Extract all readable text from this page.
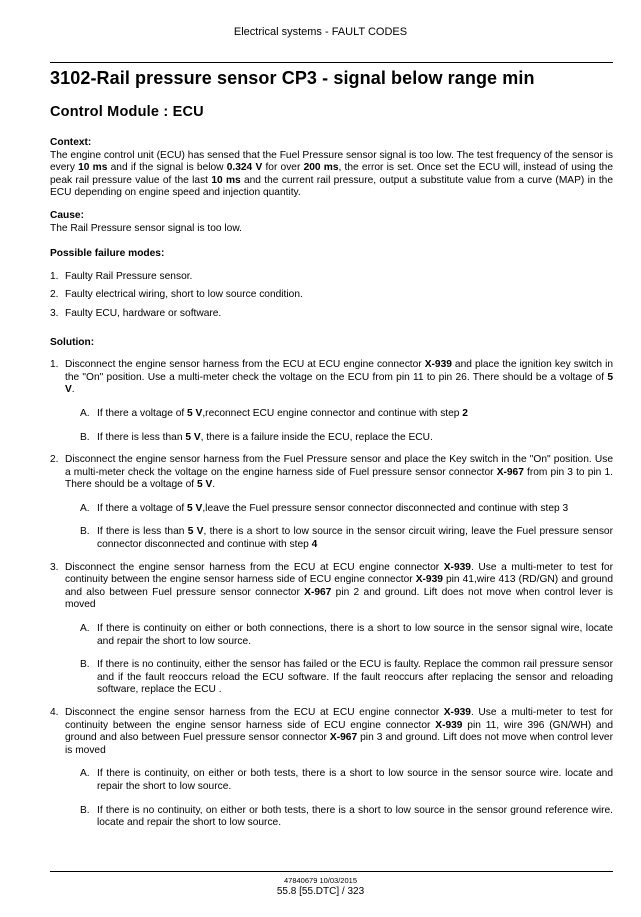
Electrical systems - FAULT CODES
3102-Rail pressure sensor CP3 - signal below range min
Control Module : ECU

Context:

The engine control unit (ECU) has sensed that the Fuel Pressure sensor signal is too low. The test frequency of the sensor is every 10 ms and if the signal is below 0.324 V for over 200 ms, the error is set. Once set the ECU will, instead of using the peak rail pressure value of the last 10 ms and the current rail pressure, output a substitute value from a curve (MAP) in the ECU depending on engine speed and injection quantity.

Cause:

The Rail Pressure sensor signal is too low.

Possible failure modes:

1. Faulty Rail Pressure sensor.
2. Faulty electrical wiring, short to low source condition.
3. Faulty ECU, hardware or software.

Solution:

1. Disconnect the engine sensor harness from the ECU at ECU engine connector X-939 and place the ignition key switch in the "On" position. Use a multi-meter check the voltage on the ECU from pin 11 to pin 26. There should be a voltage of 5 V.
A. If there a voltage of 5 V,reconnect ECU engine connector and continue with step 2
B. If there is less than 5 V, there is a failure inside the ECU, replace the ECU.
2. Disconnect the engine sensor harness from the Fuel Pressure sensor and place the Key switch in the "On" position. Use a multi-meter check the voltage on the engine harness side of Fuel pressure sensor connector X-967 from pin 3 to pin 1. There should be a voltage of 5 V.
A. If there a voltage of 5 V,leave the Fuel pressure sensor connector disconnected and continue with step 3
B. If there is less than 5 V, there is a short to low source in the sensor circuit wiring, leave the Fuel pressure sensor connector disconnected and continue with step 4
3. Disconnect the engine sensor harness from the ECU at ECU engine connector X-939. Use a multi-meter to test for continuity between the engine sensor harness side of ECU engine connector X-939 pin 41,wire 413 (RD/GN) and ground and also between Fuel pressure sensor connector X-967 pin 2 and ground. Lift does not move when control lever is moved
A. If there is continuity on either or both connections, there is a short to low source in the sensor signal wire, locate and repair the short to low source.
B. If there is no continuity, either the sensor has failed or the ECU is faulty. Replace the common rail pressure sensor and if the fault reoccurs reload the ECU software. If the fault reoccurs after replacing the sensor and reloading software, replace the ECU .
4. Disconnect the engine sensor harness from the ECU at ECU engine connector X-939. Use a multi-meter to test for continuity between the engine sensor harness side of ECU engine connector X-939 pin 11, wire 396 (GN/WH) and ground and also between Fuel pressure sensor connector X-967 pin 3 and ground. Lift does not move when control lever is moved
A. If there is continuity, on either or both tests, there is a short to low source in the sensor source wire. locate and repair the short to low source.
B. If there is no continuity, on either or both tests, there is a short to low source in the sensor ground reference wire. locate and repair the short to low source.
47840679 10/03/2015
55.8 [55.DTC] / 323
